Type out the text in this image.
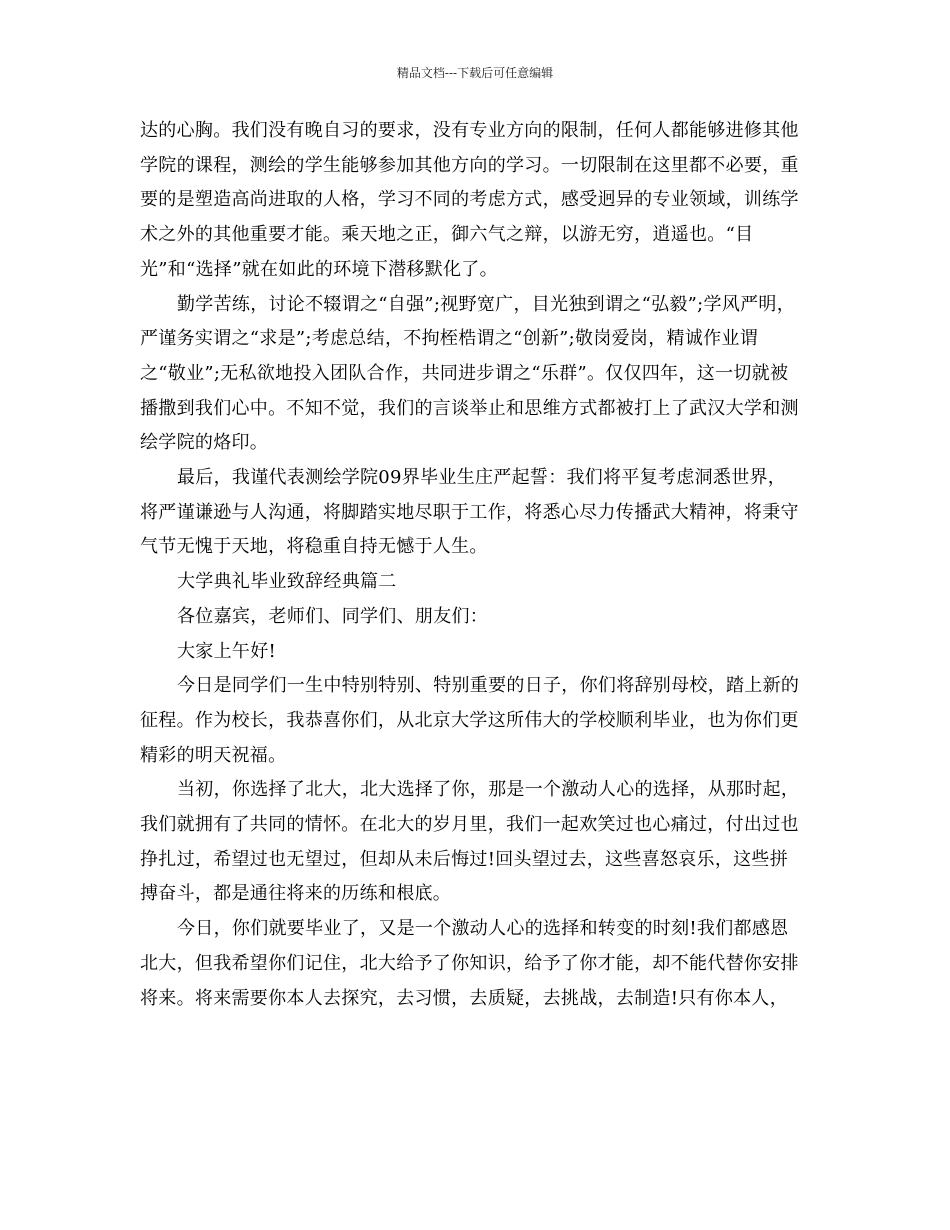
精品文档---下载后可任意编辑

达的心胸。我们没有晚自习的要求，没有专业方向的限制，任何人都能够进修其他
学院的课程，测绘的学生能够参加其他方向的学习。一切限制在这里都不必要，重
要的是塑造高尚进取的人格，学习不同的考虑方式，感受迥异的专业领域，训练学
术之外的其他重要才能。乘天地之正，御六气之辩，以游无穷，逍遥也。“目
光”和“选择”就在如此的环境下潜移默化了。

勤学苦练，讨论不辍谓之“自强”;视野宽广，目光独到谓之“弘毅”;学风严明，
严谨务实谓之“求是”;考虑总结，不拘桎梏谓之“创新”;敬岗爱岗，精诚作业谓
之“敬业”;无私欲地投入团队合作，共同进步谓之“乐群”。仅仅四年，这一切就被
播撒到我们心中。不知不觉，我们的言谈举止和思维方式都被打上了武汉大学和测
绘学院的烙印。

最后，我谨代表测绘学院09界毕业生庄严起誓：我们将平复考虑洞悉世界，
将严谨谦逊与人沟通，将脚踏实地尽职于工作，将悉心尽力传播武大精神，将秉守
气节无愧于天地，将稳重自持无憾于人生。

大学典礼毕业致辞经典篇二

各位嘉宾，老师们、同学们、朋友们：

大家上午好!

今日是同学们一生中特别特别、特别重要的日子，你们将辞别母校，踏上新的
征程。作为校长，我恭喜你们，从北京大学这所伟大的学校顺利毕业，也为你们更
精彩的明天祝福。

当初，你选择了北大，北大选择了你，那是一个激动人心的选择，从那时起，
我们就拥有了共同的情怀。在北大的岁月里，我们一起欢笑过也心痛过，付出过也
挣扎过，希望过也无望过，但却从未后悔过!回头望过去，这些喜怒哀乐，这些拼
搏奋斗，都是通往将来的历练和根底。

今日，你们就要毕业了，又是一个激动人心的选择和转变的时刻!我们都感恩
北大，但我希望你们记住，北大给予了你知识，给予了你才能，却不能代替你安排
将来。将来需要你本人去探究，去习惯，去质疑，去挑战，去制造!只有你本人，
